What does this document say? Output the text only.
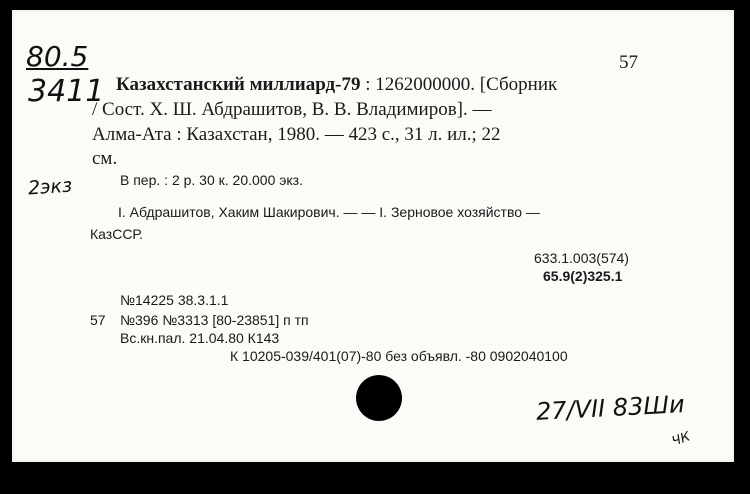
80.5
3411
57
Казахстанский миллиард-79 : 1262000000. [Сборник
/ Сост. Х. Ш. Абдрашитов, В. В. Владимиров]. —
Алма-Ата : Казахстан, 1980. — 423 с., 31 л. ил.; 22
см.
2экз	В пер. : 2 р. 30 к. 20.000 экз.
I. Абдрашитов, Хаким Шакирович. — — I. Зерновое хозяйство —
КазССР.
633.1.003(574)
65.9(2)325.1
№14225 38.3.1.1
57 №396 №3313 [80-23851] п тп
Вс.кн.пал. 21.04.80 К143
К 10205-039/401(07)-80 без объявл. -80 0902040100
27/VII 83Ши
ЧК
